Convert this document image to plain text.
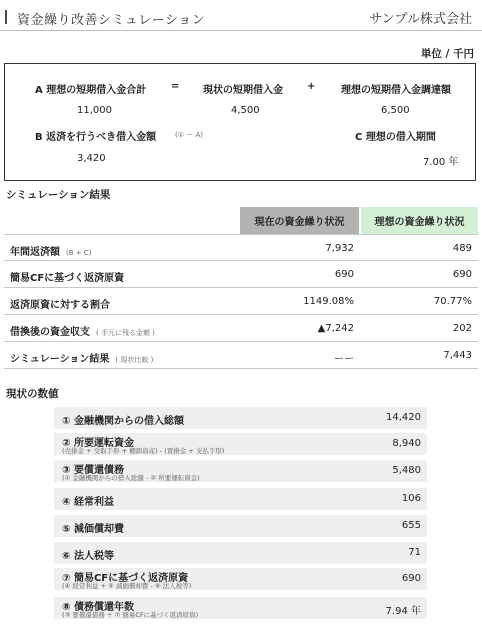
資金繰り改善シミュレーション	サンプル株式会社
単位 / 千円
A 理想の短期借入金合計 = 現状の短期借入金 +	理想の短期借入金調達額
11,000	4,500	6,500
B 返済を行うべき借入金額	(① ー A)	C 理想の借入期間
3,420	7.00 年
シミュレーション結果
現在の資金繰り状況	理想の資金繰り状況
年間返済額 (B + C)	7,932	489
簡易CFに基づく返済原資	690	690
返済原資に対する割合	1149.08%	70.77%
借換後の資金収支 ( 手元に残る金額 )	▲7,242	202
シミュレーション結果 ( 現状比較 )	ーー	7,443
現状の数値
① 金融機関からの借入総額	14,420
② 所要運転資金
(売掛金 + 受取手形 + 棚卸資産) - (買掛金 + 支払手形)
8,940
③ 要償還債務
(① 金融機関からの借入総額 - ② 所要運転資金)
5,480
④ 経常利益	106
⑤ 減価償却費	655
⑥ 法人税等	71
⑦ 簡易CFに基づく返済原資
(④ 経常利益 + ⑤ 減価償却費 - ⑥ 法人税等)
690
⑧ 債務償還年数
(③ 要償還債務 ÷ ⑦ 簡易CFに基づく返済原資)	7.94 年
